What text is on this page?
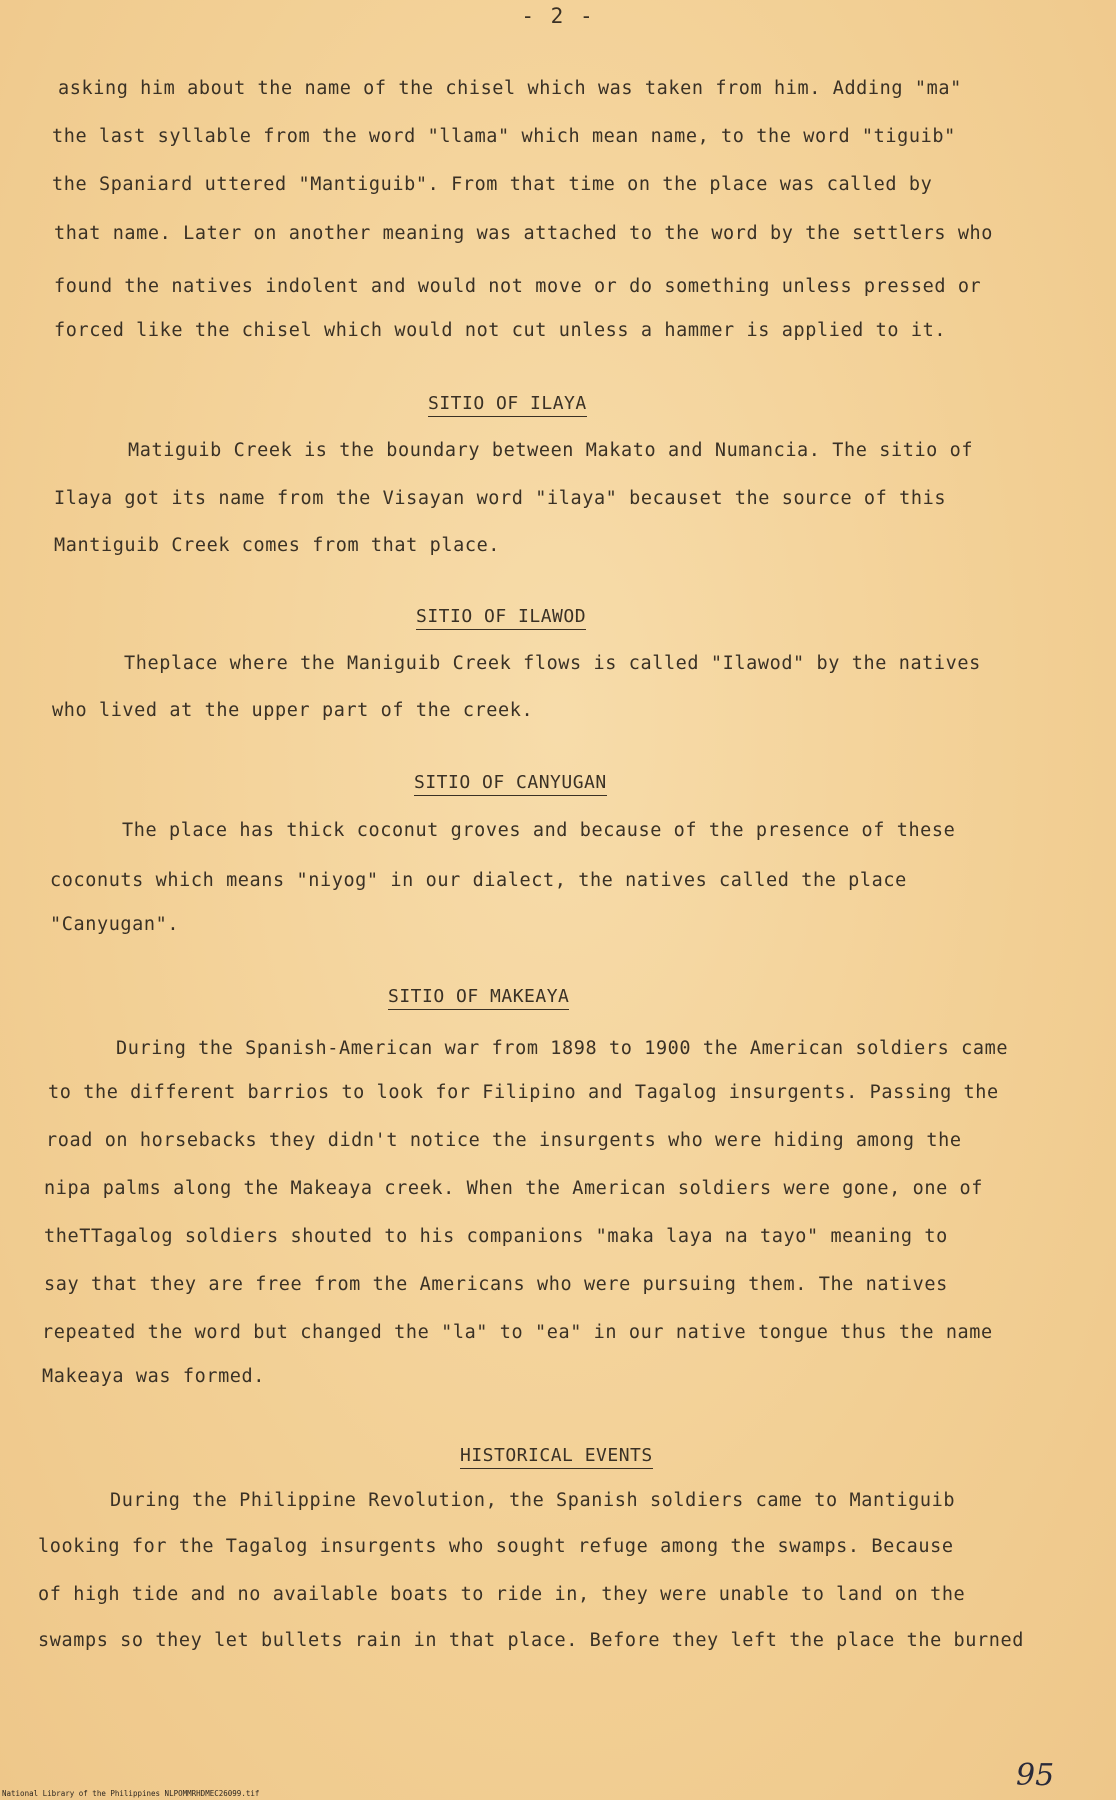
- 2 -
asking him about the name of the chisel which was taken from him. Adding "ma"
the last syllable from the word "llama" which mean name, to the word "tiguib"
the Spaniard uttered "Mantiguib". From that time on the place was called by
that name. Later on another meaning was attached to the word by the settlers who
found the natives indolent and would not move or do something unless pressed or
forced like the chisel which would not cut unless a hammer is applied to it.
SITIO OF ILAYA
Matiguib Creek is the boundary between Makato and Numancia. The sitio of
Ilaya got its name from the Visayan word "ilaya" becauset the source of this
Mantiguib Creek comes from that place.
SITIO OF ILAWOD
Theplace where the Maniguib Creek flows is called "Ilawod" by the natives
who lived at the upper part of the creek.
SITIO OF CANYUGAN
The place has thick coconut groves and because of the presence of these
coconuts which means "niyog" in our dialect, the natives called the place
"Canyugan".
SITIO OF MAKEAYA
During the Spanish-American war from 1898 to 1900 the American soldiers came
to the different barrios to look for Filipino and Tagalog insurgents. Passing the
road on horsebacks they didn't notice the insurgents who were hiding among the
nipa palms along the Makeaya creek. When the American soldiers were gone, one of
theTTagalog soldiers shouted to his companions "maka laya na tayo" meaning to
say that they are free from the Americans who were pursuing them. The natives
repeated the word but changed the "la" to "ea" in our native tongue thus the name
Makeaya was formed.
HISTORICAL EVENTS
During the Philippine Revolution, the Spanish soldiers came to Mantiguib
looking for the Tagalog insurgents who sought refuge among the swamps. Because
of high tide and no available boats to ride in, they were unable to land on the
swamps so they let bullets rain in that place. Before they left the place the burned
95
National Library of the Philippines NLPOMMRHDMEC26099.tif
